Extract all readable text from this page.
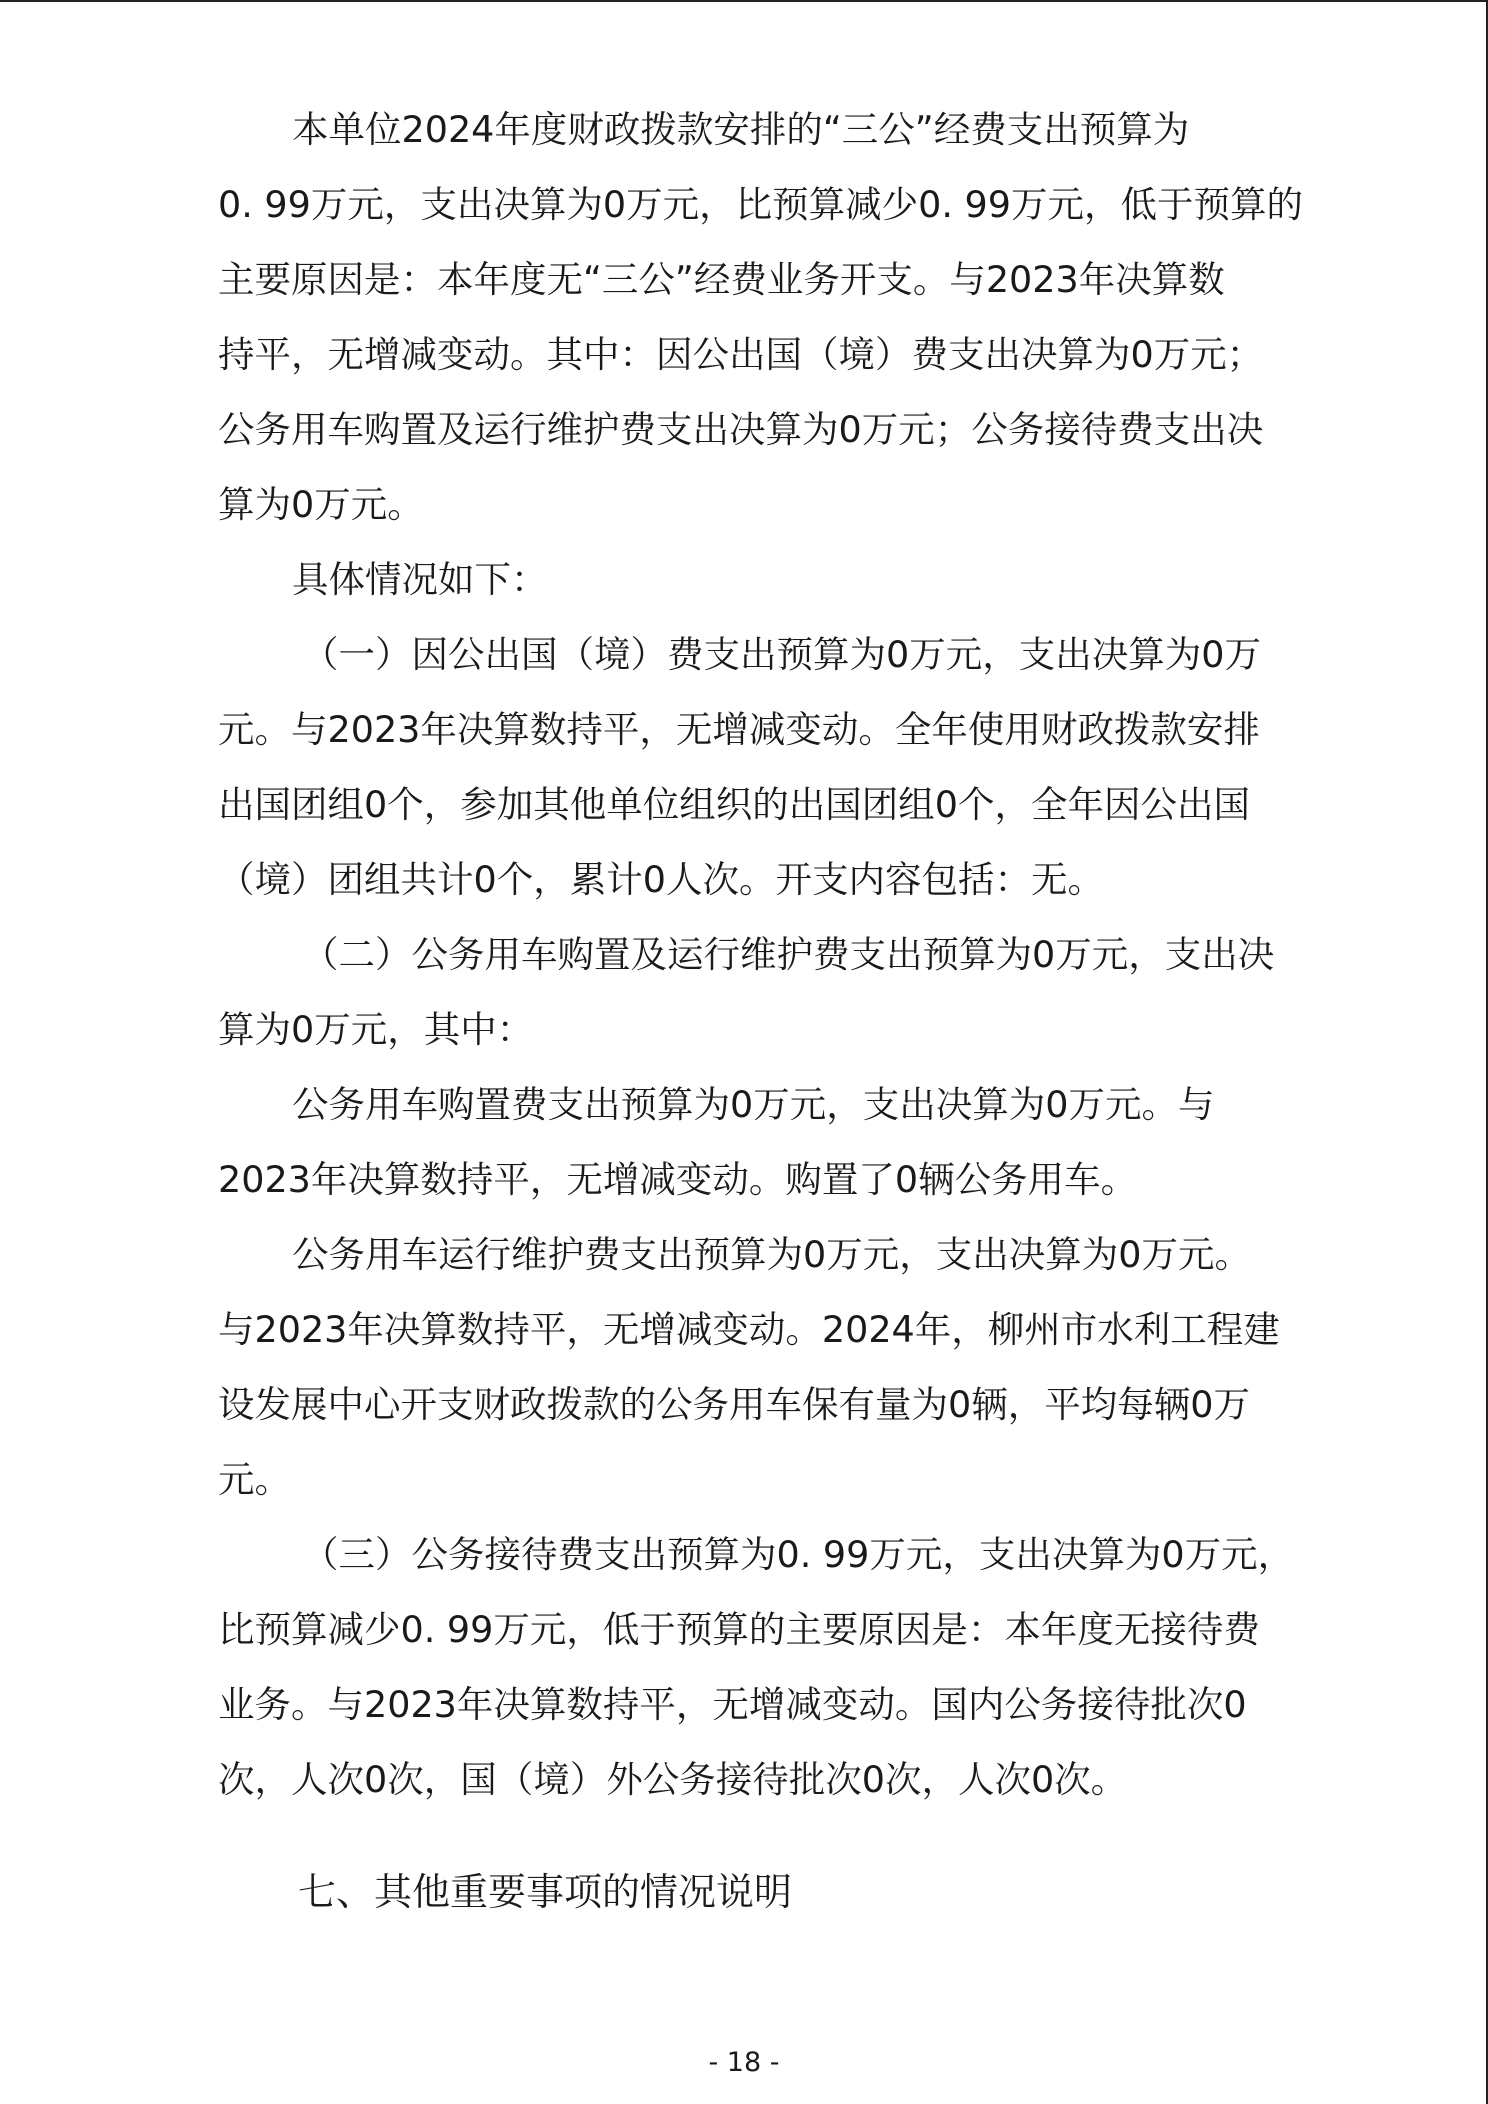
本单位2024年度财政拨款安排的“三公”经费支出预算为
0. 99万元，支出决算为0万元，比预算减少0. 99万元，低于预算的
主要原因是：本年度无“三公”经费业务开支。与2023年决算数
持平，无增减变动。其中：因公出国（境）费支出决算为0万元；
公务用车购置及运行维护费支出决算为0万元；公务接待费支出决
算为0万元。
具体情况如下：
（一）因公出国（境）费支出预算为0万元，支出决算为0万
元。与2023年决算数持平，无增减变动。全年使用财政拨款安排
出国团组0个，参加其他单位组织的出国团组0个，全年因公出国
（境）团组共计0个，累计0人次。开支内容包括：无。
（二）公务用车购置及运行维护费支出预算为0万元，支出决
算为0万元，其中：
公务用车购置费支出预算为0万元，支出决算为0万元。与
2023年决算数持平，无增减变动。购置了0辆公务用车。
公务用车运行维护费支出预算为0万元，支出决算为0万元。
与2023年决算数持平，无增减变动。2024年，柳州市水利工程建
设发展中心开支财政拨款的公务用车保有量为0辆，平均每辆0万
元。
（三）公务接待费支出预算为0. 99万元，支出决算为0万元，
比预算减少0. 99万元，低于预算的主要原因是：本年度无接待费
业务。与2023年决算数持平，无增减变动。国内公务接待批次0
次，人次0次，国（境）外公务接待批次0次，人次0次。
七、其他重要事项的情况说明
- 18 -
